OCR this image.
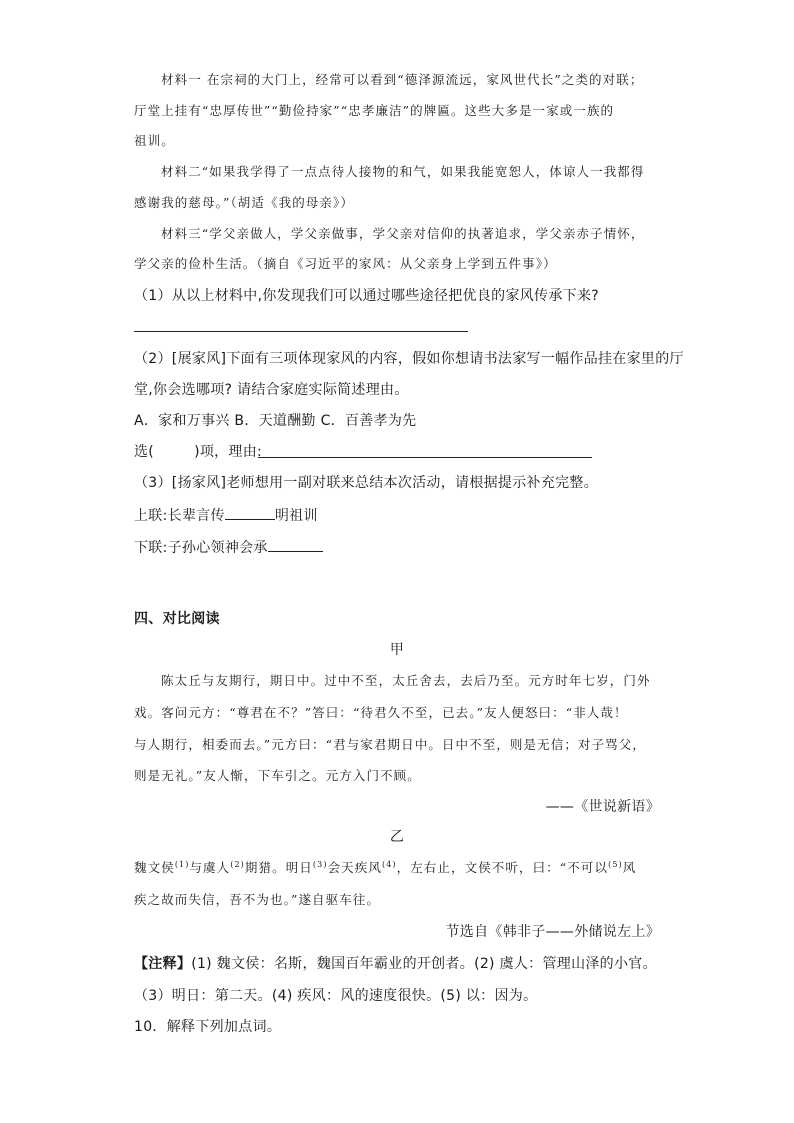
材料一 在宗祠的大门上，经常可以看到“德泽源流远，家风世代长”之类的对联；
厅堂上挂有“忠厚传世”“勤俭持家”“忠孝廉洁”的牌匾。这些大多是一家或一族的
祖训。
材料二“如果我学得了一点点待人接物的和气，如果我能宽恕人，体谅人一我都得
感谢我的慈母。”（胡适《我的母亲》）
材料三“学父亲做人，学父亲做事，学父亲对信仰的执著追求，学父亲赤子情怀，
学父亲的俭朴生活。（摘自《习近平的家风：从父亲身上学到五件事》）
（1）从以上材料中,你发现我们可以通过哪些途径把优良的家风传承下来?
（2）[展家风]下面有三项体现家风的内容，假如你想请书法家写一幅作品挂在家里的厅
堂,你会选哪项? 请结合家庭实际简述理由。
A．家和万事兴 B．天道酬勤 C．百善孝为先
选(	)项，理由:
（3）[扬家风]老师想用一副对联来总结本次活动，请根据提示补充完整。
上联:长辈言传	明祖训
下联:子孙心领神会承
四、对比阅读
甲
陈太丘与友期行，期日中。过中不至，太丘舍去，去后乃至。元方时年七岁，门外
戏。客问元方：“尊君在不？”答曰：“待君久不至，已去。”友人便怒曰：“非人哉！
与人期行，相委而去。”元方曰：“君与家君期日中。日中不至，则是无信；对子骂父，
则是无礼。”友人惭，下车引之。元方入门不顾。
——《世说新语》
乙
魏文侯$^{(1)}$与虞人$^{(2)}$期猎。明日$^{(3)}$会天疾风$^{(4)}$，左右止，文侯不听，曰：“不可以$^{(5)}$风
疾之故而失信，吾不为也。”遂自驱车往。
节选自《韩非子——外储说左上》
【注释】(1) 魏文侯：名斯，魏国百年霸业的开创者。(2) 虞人：管理山泽的小官。
（3）明日：第二天。(4) 疾风：风的速度很快。(5) 以：因为。
10．解释下列加点词。
